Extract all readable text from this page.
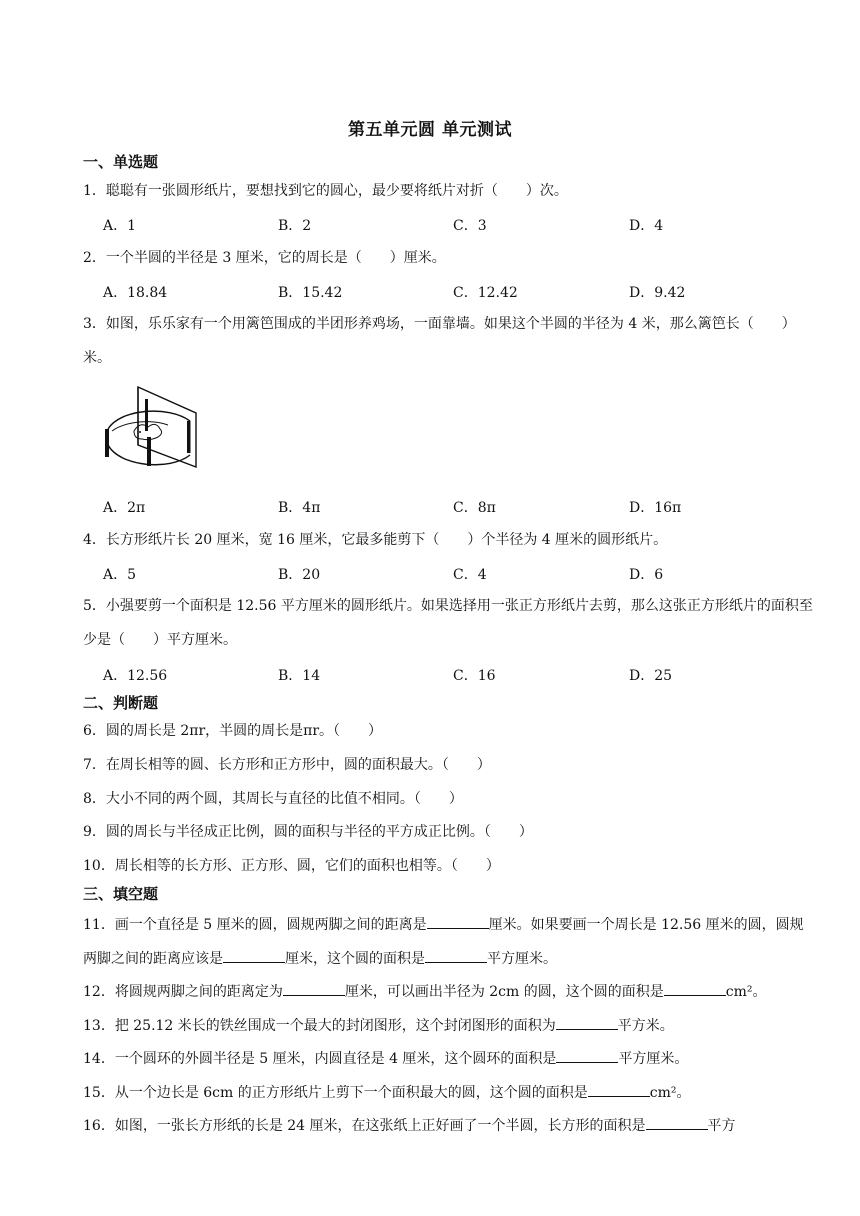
第五单元圆 单元测试
一、单选题
1．聪聪有一张圆形纸片，要想找到它的圆心，最少要将纸片对折（　　）次。
A．1	B．2	C．3	D．4
2．一个半圆的半径是 3 厘米，它的周长是（　　）厘米。
A．18.84	B．15.42	C．12.42	D．9.42
3．如图，乐乐家有一个用篱笆围成的半团形养鸡场，一面靠墙。如果这个半圆的半径为 4 米，那么篱笆长（　　）米。
A．2π	B．4π	C．8π	D．16π
4．长方形纸片长 20 厘米，宽 16 厘米，它最多能剪下（　　）个半径为 4 厘米的圆形纸片。
A．5	B．20	C．4	D．6
5．小强要剪一个面积是 12.56 平方厘米的圆形纸片。如果选择用一张正方形纸片去剪，那么这张正方形纸片的面积至少是（　　）平方厘米。
A．12.56	B．14	C．16	D．25
二、判断题
6．圆的周长是 2πr，半圆的周长是πr。（　　）
7．在周长相等的圆、长方形和正方形中，圆的面积最大。（　　）
8．大小不同的两个圆，其周长与直径的比值不相同。（　　）
9．圆的周长与半径成正比例，圆的面积与半径的平方成正比例。（　　）
10．周长相等的长方形、正方形、圆，它们的面积也相等。（　　）
三、填空题
11．画一个直径是 5 厘米的圆，圆规两脚之间的距离是	厘米。如果要画一个周长是 12.56 厘米的圆，圆规两脚之间的距离应该是	厘米，这个圆的面积是	平方厘米。
12．将圆规两脚之间的距离定为	厘米，可以画出半径为 2cm 的圆，这个圆的面积是	cm²。
13．把 25.12 米长的铁丝围成一个最大的封闭图形，这个封闭图形的面积为	平方米。
14．一个圆环的外圆半径是 5 厘米，内圆直径是 4 厘米，这个圆环的面积是	平方厘米。
15．从一个边长是 6cm 的正方形纸片上剪下一个面积最大的圆，这个圆的面积是	cm²。
16．如图，一张长方形纸的长是 24 厘米，在这张纸上正好画了一个半圆，长方形的面积是	平方
